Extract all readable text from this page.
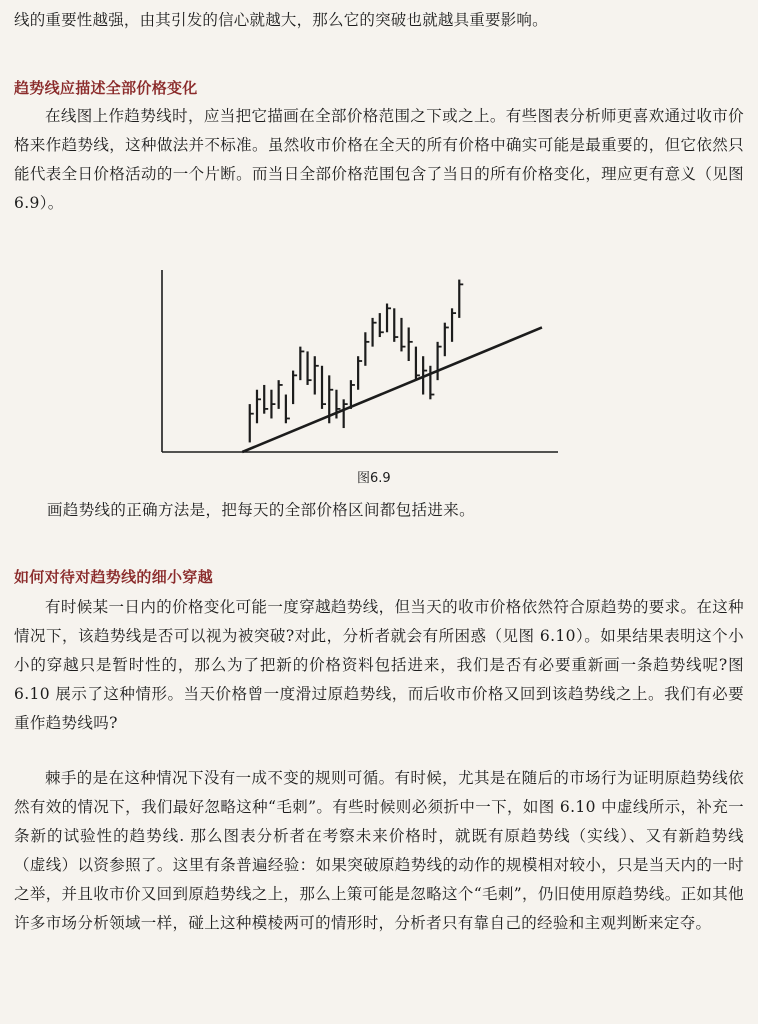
线的重要性越强，由其引发的信心就越大，那么它的突破也就越具重要影响。
趋势线应描述全部价格变化
在线图上作趋势线时，应当把它描画在全部价格范围之下或之上。有些图表分析师更喜欢通过收市价格来作趋势线，这种做法并不标准。虽然收市价格在全天的所有价格中确实可能是最重要的，但它依然只能代表全日价格活动的一个片断。而当日全部价格范围包含了当日的所有价格变化，理应更有意义（见图 6.9）。
图6.9
画趋势线的正确方法是，把每天的全部价格区间都包括进来。
如何对待对趋势线的细小穿越
有时候某一日内的价格变化可能一度穿越趋势线，但当天的收市价格依然符合原趋势的要求。在这种情况下，该趋势线是否可以视为被突破?对此，分析者就会有所困惑（见图 6.10）。如果结果表明这个小小的穿越只是暂时性的，那么为了把新的价格资料包括进来，我们是否有必要重新画一条趋势线呢?图 6.10 展示了这种情形。当天价格曾一度滑过原趋势线，而后收市价格又回到该趋势线之上。我们有必要重作趋势线吗?
棘手的是在这种情况下没有一成不变的规则可循。有时候，尤其是在随后的市场行为证明原趋势线依然有效的情况下，我们最好忽略这种“毛刺”。有些时候则必须折中一下，如图 6.10 中虚线所示，补充一条新的试验性的趋势线. 那么图表分析者在考察未来价格时，就既有原趋势线（实线）、又有新趋势线（虚线）以资参照了。这里有条普遍经验：如果突破原趋势线的动作的规模相对较小，只是当天内的一时之举，并且收市价又回到原趋势线之上，那么上策可能是忽略这个“毛刺”，仍旧使用原趋势线。正如其他许多市场分析领域一样，碰上这种模棱两可的情形时，分析者只有靠自己的经验和主观判断来定夺。
